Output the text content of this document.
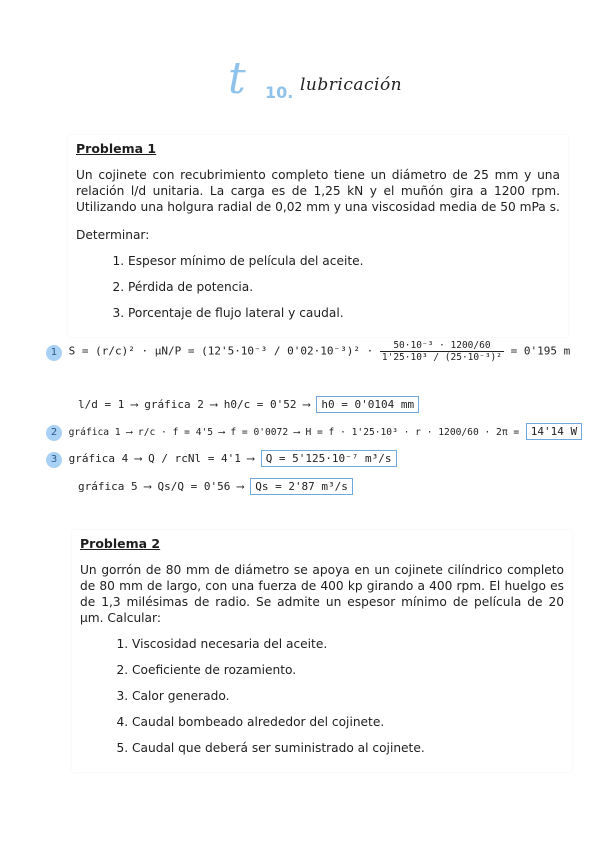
t 10. lubricación
Problema 1

Un cojinete con recubrimiento completo tiene un diámetro de 25 mm y una relación l/d unitaria. La carga es de 1,25 kN y el muñón gira a 1200 rpm. Utilizando una holgura radial de 0,02 mm y una viscosidad media de 50 mPa s.

Determinar:

1. Espesor mínimo de película del aceite.
2. Pérdida de potencia.
3. Porcentaje de flujo lateral y caudal.
1 $S = (r/c)^2 \cdot \mu N/P = (12'5\cdot 10^{-3} / 0'02\cdot 10^{-3})^2 \cdot \frac{\text{50·10⁻³ · 1200/60}}{\text{1'25·10³ / (25·10⁻³)²}} = 0'195$ m
l/d = 1 ⟶ gráfica 2 ⟶ h0/c = 0'52 ⟶ h0 = 0'0104 mm
2 gráfica 1 ⟶ r/c · f = 4'5 ⟶ f = 0'0072 ⟶ H = f · 1'25·10³ · r · 1200/60 · 2π = 14'14 W
3 gráfica 4 ⟶ Q / rcNl = 4'1 ⟶ Q = 5'125·10⁻⁷ m³/s
gráfica 5 ⟶ Qs/Q = 0'56 ⟶ Qs = 2'87 m³/s
Problema 2

Un gorrón de 80 mm de diámetro se apoya en un cojinete cilíndrico completo de 80 mm de largo, con una fuerza de 400 kp girando a 400 rpm. El huelgo es de 1,3 milésimas de radio. Se admite un espesor mínimo de película de 20 µm. Calcular:

1. Viscosidad necesaria del aceite.
2. Coeficiente de rozamiento.
3. Calor generado.
4. Caudal bombeado alrededor del cojinete.
5. Caudal que deberá ser suministrado al cojinete.
